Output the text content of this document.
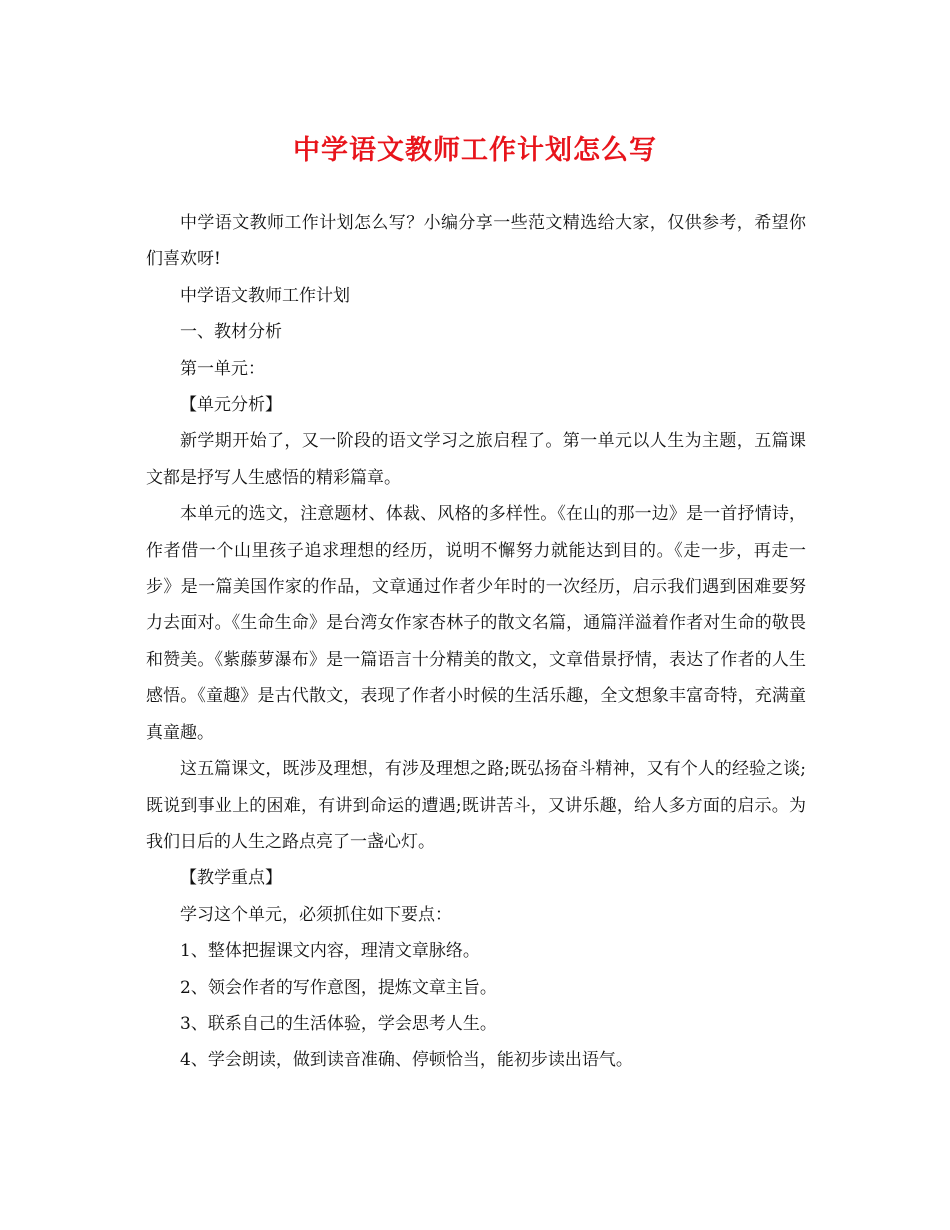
中学语文教师工作计划怎么写

中学语文教师工作计划怎么写？小编分享一些范文精选给大家，仅供参考，希望你们喜欢呀!

中学语文教师工作计划

一、教材分析

第一单元：

【单元分析】

新学期开始了，又一阶段的语文学习之旅启程了。第一单元以人生为主题，五篇课文都是抒写人生感悟的精彩篇章。

本单元的选文，注意题材、体裁、风格的多样性。《在山的那一边》是一首抒情诗，作者借一个山里孩子追求理想的经历，说明不懈努力就能达到目的。《走一步，再走一步》是一篇美国作家的作品，文章通过作者少年时的一次经历，启示我们遇到困难要努力去面对。《生命生命》是台湾女作家杏林子的散文名篇，通篇洋溢着作者对生命的敬畏和赞美。《紫藤萝瀑布》是一篇语言十分精美的散文，文章借景抒情，表达了作者的人生感悟。《童趣》是古代散文，表现了作者小时候的生活乐趣，全文想象丰富奇特，充满童真童趣。

这五篇课文，既涉及理想，有涉及理想之路;既弘扬奋斗精神，又有个人的经验之谈;既说到事业上的困难，有讲到命运的遭遇;既讲苦斗，又讲乐趣，给人多方面的启示。为我们日后的人生之路点亮了一盏心灯。

【教学重点】

学习这个单元，必须抓住如下要点：

1、整体把握课文内容，理清文章脉络。

2、领会作者的写作意图，提炼文章主旨。

3、联系自己的生活体验，学会思考人生。

4、学会朗读，做到读音准确、停顿恰当，能初步读出语气。
